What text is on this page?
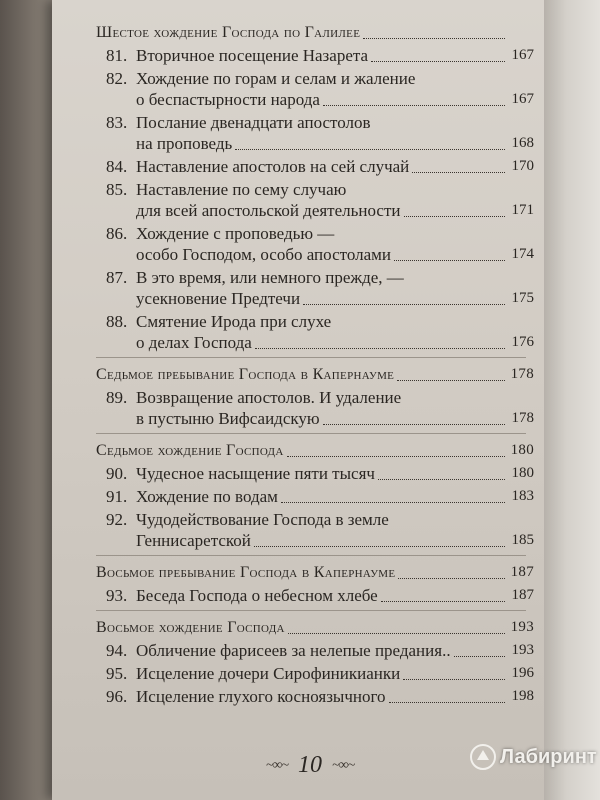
Шестое хождение Господа по Галилее
81. Вторичное посещение Назарета	167
82. Хождение по горам и селам и жаление
о беспастырности народа	167
83. Послание двенадцати апостолов
на проповедь	168
84. Наставление апостолов на сей случай	170
85. Наставление по сему случаю
для всей апостольской деятельности	171
86. Хождение с проповедью —
особо Господом, особо апостолами	174
87. В это время, или немного прежде, —
усекновение Предтечи	175
88. Смятение Ирода при слухе
о делах Господа	176
Седьмое пребывание Господа в Капернауме	178
89. Возвращение апостолов. И удаление
в пустыню Вифсаидскую	178
Седьмое хождение Господа	180
90. Чудесное насыщение пяти тысяч	180
91. Хождение по водам	183
92. Чудодействование Господа в земле
Геннисаретской	185
Восьмое пребывание Господа в Капернауме	187
93. Беседа Господа о небесном хлебе	187
Восьмое хождение Господа	193
94. Обличение фарисеев за нелепые предания..	193
95. Исцеление дочери Сирофиникианки	196
96. Исцеление глухого косноязычного	198
~∞~ 10 ~∞~	Лабиринт
